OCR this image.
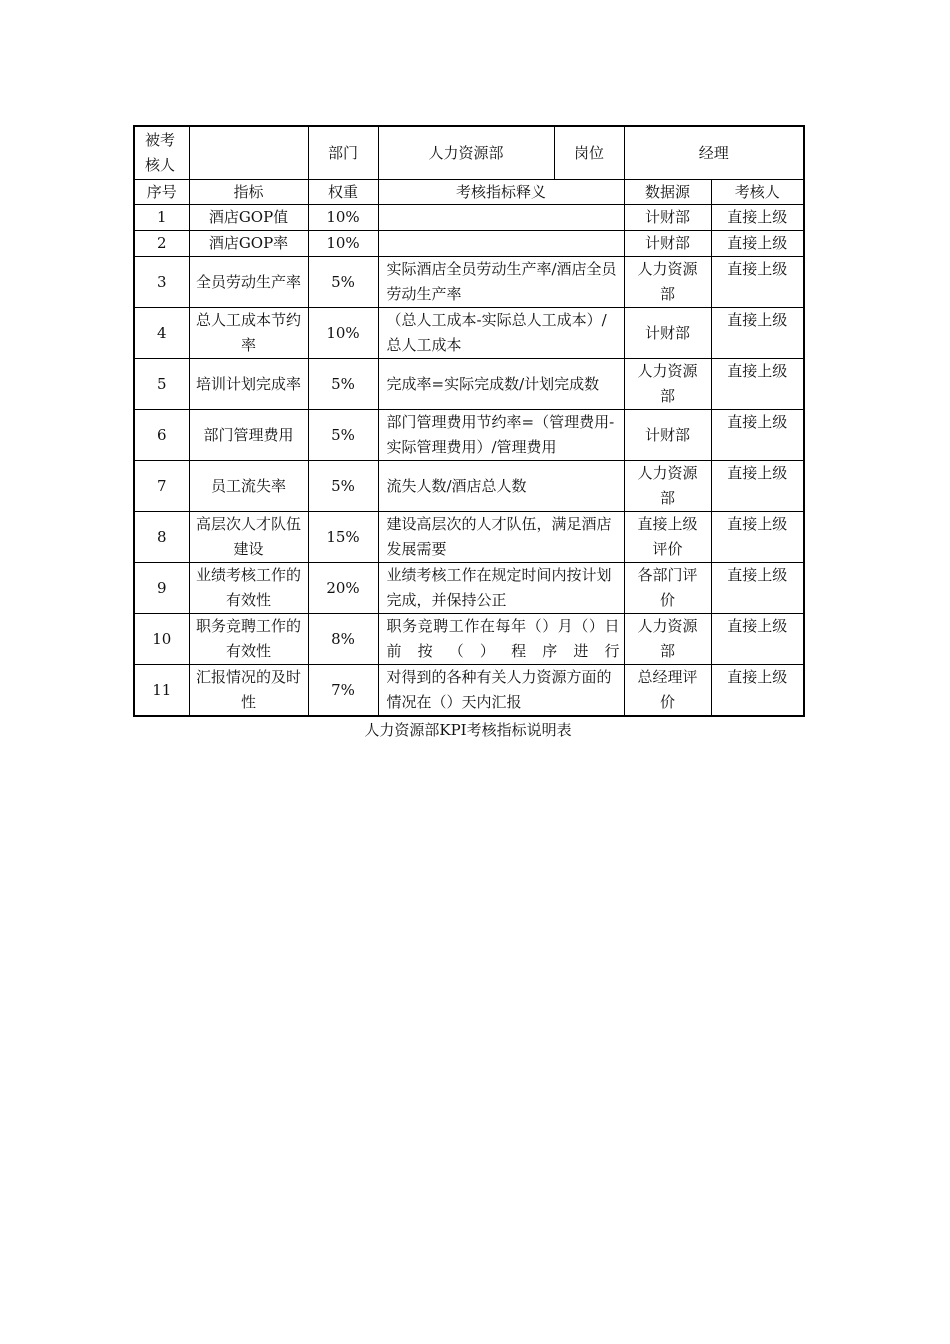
被考核人		部门	人力资源部	岗位	经理	
序号	指标	权重	考核指标释义		数据源	考核人
1	酒店GOP值	10%			计财部	直接上级
2	酒店GOP率	10%			计财部	直接上级
3	全员劳动生产率	5%	实际酒店全员劳动生产率/酒店全员劳动生产率		人力资源部	直接上级
4	总人工成本节约率	10%	（总人工成本-实际总人工成本）/总人工成本		计财部	直接上级
5	培训计划完成率	5%	完成率=实际完成数/计划完成数		人力资源部	直接上级
6	部门管理费用	5%	部门管理费用节约率=（管理费用-实际管理费用）/管理费用		计财部	直接上级
7	员工流失率	5%	流失人数/酒店总人数		人力资源部	直接上级
8	高层次人才队伍建设	15%	建设高层次的人才队伍，满足酒店发展需要		直接上级评价	直接上级
9	业绩考核工作的有效性	20%	业绩考核工作在规定时间内按计划完成，并保持公正		各部门评价	直接上级
10	职务竞聘工作的有效性	8%	职务竞聘工作在每年（）月（）日前按（）程序进行		人力资源部	直接上级
11	汇报情况的及时性	7%	对得到的各种有关人力资源方面的情况在（）天内汇报		总经理评价	直接上级
人力资源部KPI考核指标说明表
